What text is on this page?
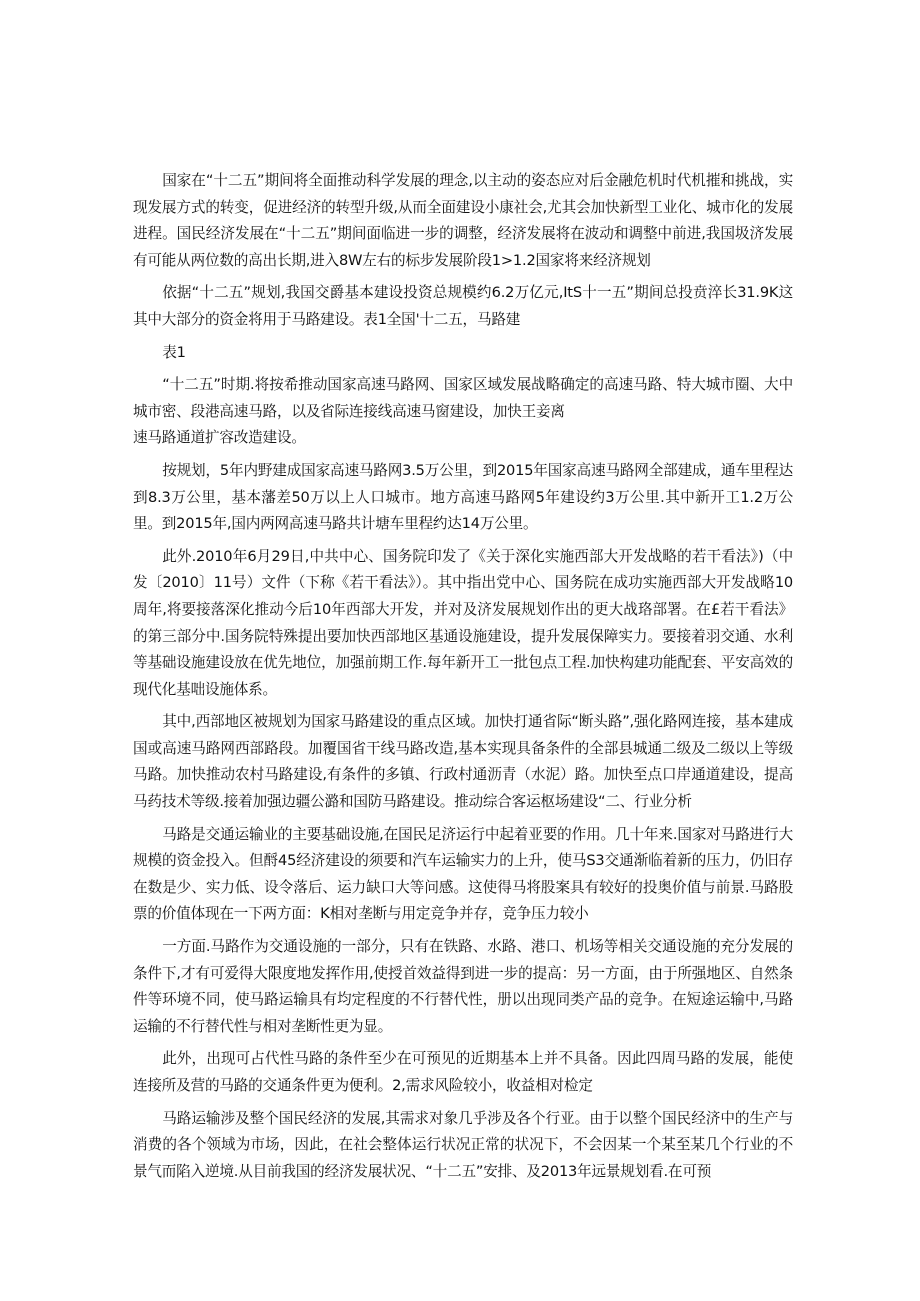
国家在“十二五”期间将全面推动科学发展的理念,以主动的姿态应对后金融危机时代机摧和挑战，实现发展方式的转变，促进经济的转型升级,从而全面建设小康社会,尤其会加快新型工业化、城市化的发展进程。国民经济发展在“十二五”期间面临进一步的调整，经济发展将在波动和调整中前进,我国圾济发展有可能从两位数的高出长期,进入8W左右的标步发展阶段1>1.2国家将来经济规划

依据“十二五”规划,我国交爵基本建设投资总规模约6.2万亿元,ItS十一五”期间总投贲淬长31.9K这其中大部分的资金将用于马路建设。表1全国'十二五，马路建

表1

“十二五”时期.将按希推动国家高速马路网、国家区域发展战略确定的高速马路、特大城市圈、大中城市密、段港高速马路，以及省际连接线高速马窗建设，加快王妾离

速马路通道扩容改造建设。

按规划，5年内野建成国家高速马路网3.5万公里，到2015年国家高速马路网全部建成，通车里程达到8.3万公里，基本藩差50万以上人口城市。地方高速马路网5年建设约3万公里.其中新开工1.2万公里。到2015年,国内两网高速马路共计塘车里程约达14万公里。

此外.2010年6月29日,中共中心、国务院印发了《关于深化实施西部大开发战略的若干看法》)（中发〔2010〕11号）文件（下称《若干看法》）。其中指出党中心、国务院在成功实施西部大开发战略10周年,将要接落深化推动今后10年西部大开发，并对及济发展规划作出的更大战珞部署。在£若干看法》的第三部分中.国务院特殊提出要加快西部地区基通设施建设，提升发展保障实力。要接着羽交通、水利等基础设施建设放在优先地位，加强前期工作.每年新开工一批包点工程.加快构建功能配套、平安高效的现代化基咄设施体系。

其中,西部地区被规划为国家马路建设的重点区域。加快打通省际“断头路”,强化路网连接，基本建成国或高速马路网西部路段。加覆国省干线马路改造,基本实现具备条件的全部县城通二级及二级以上等级马路。加快推动农村马路建设,有条件的多镇、行政村通沥青（水泥）路。加快至点口岸通道建设，提高马药技术等级.接着加强边疆公潞和国防马路建设。推动综合客运枢场建设“二、行业分析

马路是交通运输业的主要基础设施,在国民足济运行中起着亚要的作用。几十年来.国家对马路进行大规模的资金投入。但酹45经济建设的须要和汽车运输实力的上升，使马S3交通渐临着新的压力，仍旧存在数是少、实力低、设令落后、运力缺口大等问感。这使得马将股案具有较好的投奥价值与前景.马路股票的价值体现在一下两方面：K相对垄断与用定竞争并存，竞争压力较小

一方面.马路作为交通设施的一部分，只有在铁路、水路、港口、机场等相关交通设施的充分发展的条件下,才有可爱得大限度地发挥作用,使授首效益得到进一步的提高：另一方面，由于所强地区、自然条件等环境不同，使马路运输具有均定程度的不行替代性，册以出现同类产品的竞争。在短途运输中,马路运输的不行替代性与相对垄断性更为显。

此外，出现可占代性马路的条件至少在可预见的近期基本上并不具备。因此四周马路的发展，能使连接所及营的马路的交通条件更为便利。2,需求风险较小，收益相对检定

马路运输涉及整个国民经济的发展,其需求对象几乎涉及各个行亚。由于以整个国民经济中的生产与消费的各个领域为市场，因此，在社会整体运行状况正常的状况下，不会因某一个某至某几个行业的不景气而陷入逆境.从目前我国的经济发展状况、“十二五”安排、及2013年远景规划看.在可预
